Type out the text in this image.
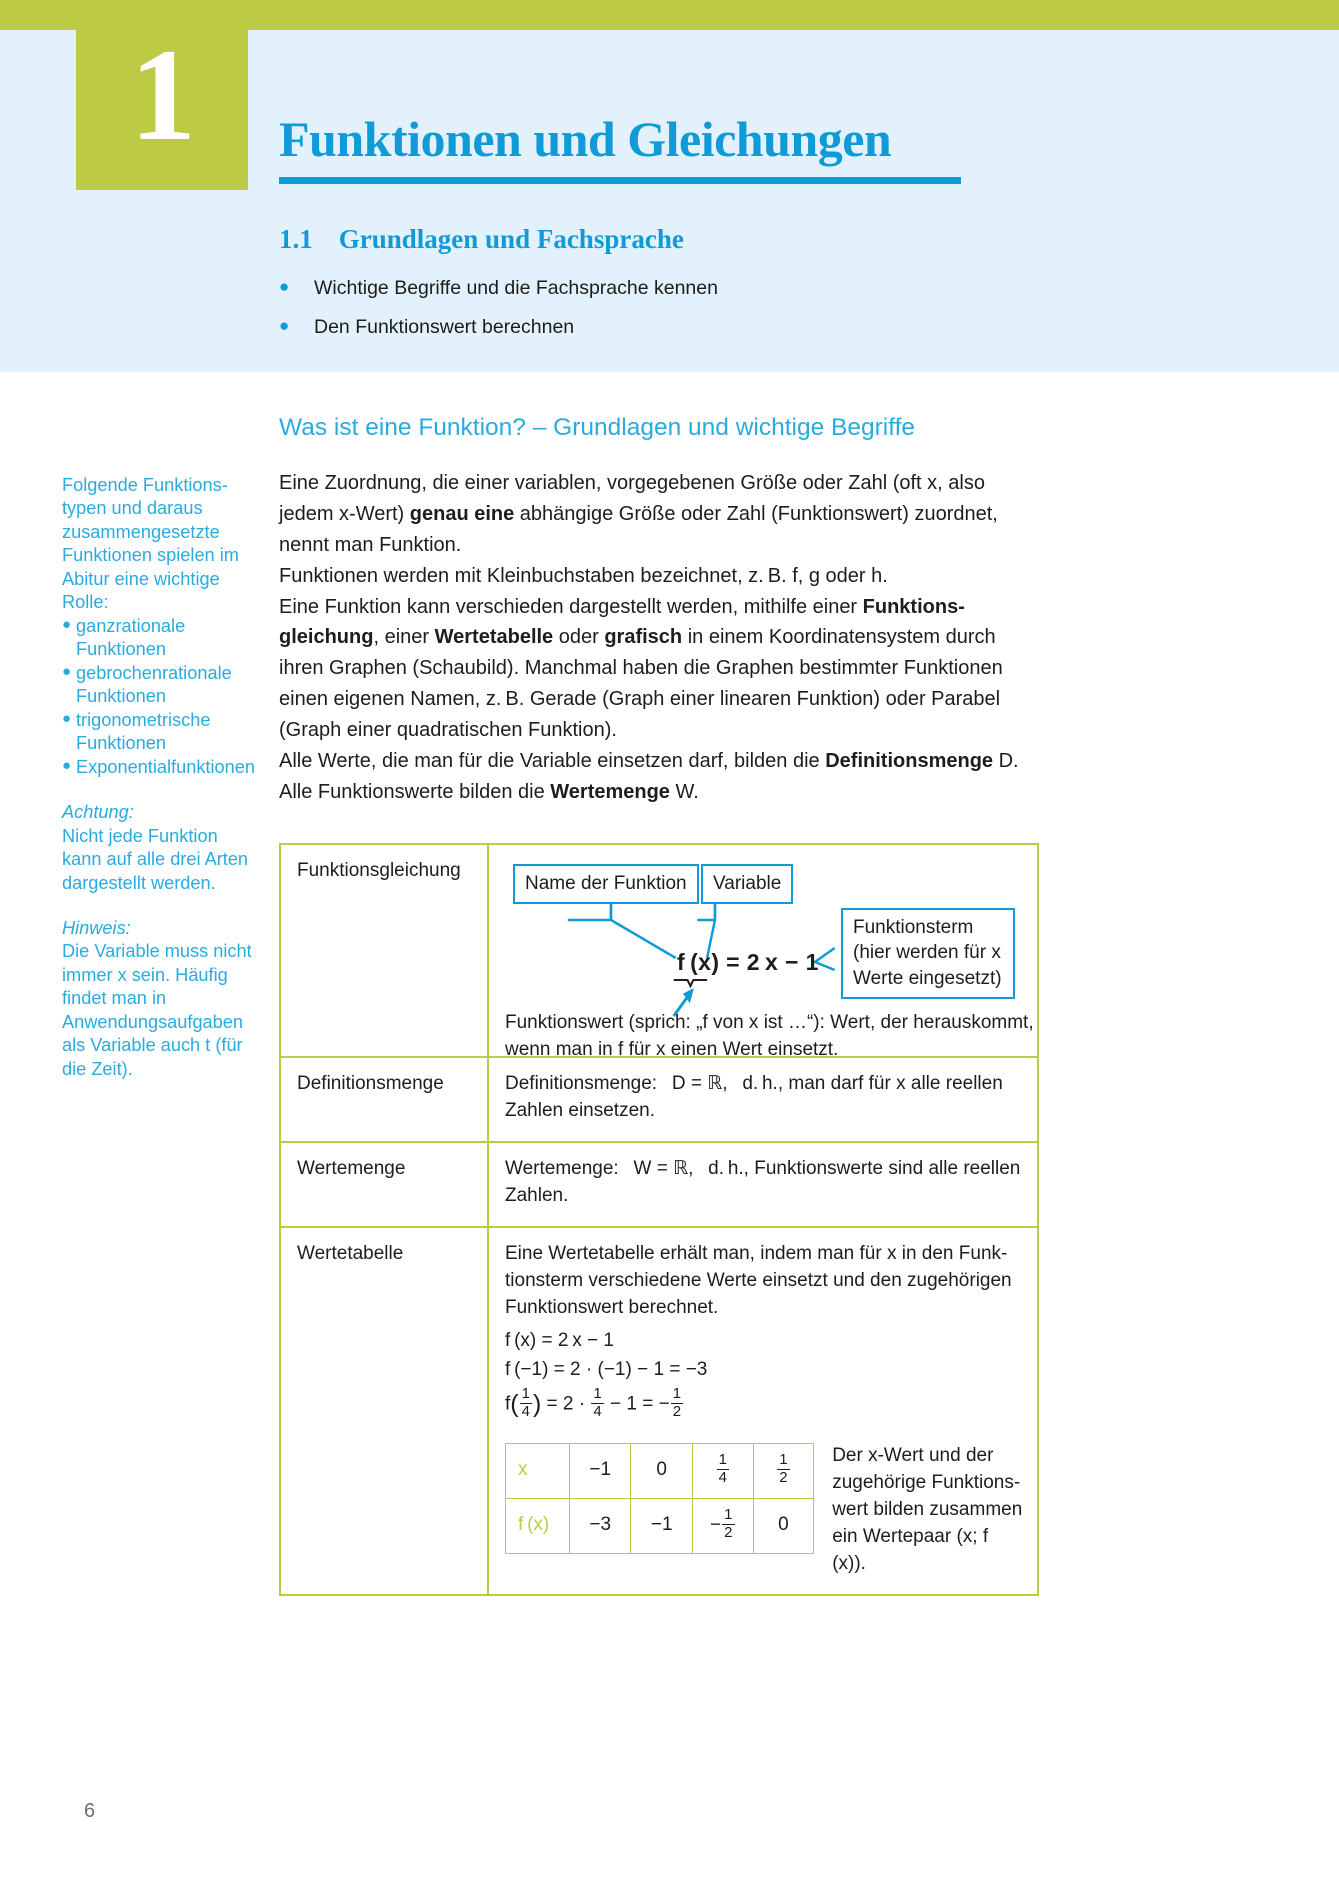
1 Funktionen und Gleichungen
1.1 Grundlagen und Fachsprache
●	Wichtige Begriffe und die Fachsprache kennen
●	Den Funktionswert berechnen

Folgende Funktionstypen und daraus zusammengesetzte Funktionen spielen im Abitur eine wichtige Rolle:

● ganzrationale Funktionen
● gebrochenrationale Funktionen
● trigonometrische Funktionen
● Exponentialfunktionen
Achtung:
Nicht jede Funktion kann auf alle drei Arten dargestellt werden.
Hinweis:
Die Variable muss nicht immer x sein. Häufig findet man in Anwendungsaufgaben als Variable auch t (für die Zeit).
Was ist eine Funktion? – Grundlagen und wichtige Begriffe
Eine Zuordnung, die einer variablen, vorgegebenen Größe oder Zahl (oft x, also jedem x-Wert) genau eine abhängige Größe oder Zahl (Funktionswert) zuordnet, nennt man Funktion.
Funktionen werden mit Kleinbuchstaben bezeichnet, z. B. f, g oder h.
Eine Funktion kann verschieden dargestellt werden, mithilfe einer Funktionsgleichung, einer Wertetabelle oder grafisch in einem Koordinatensystem durch ihren Graphen (Schaubild). Manchmal haben die Graphen bestimmter Funktionen einen eigenen Namen, z. B. Gerade (Graph einer linearen Funktion) oder Parabel (Graph einer quadratischen Funktion).
Alle Werte, die man für die Variable einsetzen darf, bilden die Definitionsmenge D. Alle Funktionswerte bilden die Wertemenge W.
Funktionsgleichung	
Name der Funktion	Variable
Funktionsterm
(hier werden für x
Werte eingesetzt)
f (x) = 2 x − 1
Funktionswert (sprich: „f von x ist …“): Wert, der herauskommt, wenn man in f für x einen Wert einsetzt.

Definitionsmenge	Definitionsmenge:  D = ℝ,  d. h., man darf für x alle reellen Zahlen einsetzen.
Wertemenge	Wertemenge:  W = ℝ,  d. h., Funktionswerte sind alle reellen Zahlen.
Wertetabelle	Eine Wertetabelle erhält man, indem man für x in den Funktionsterm verschiedene Werte einsetzt und den zugehörigen Funktionswert berechnet.
f (x) = 2 x − 1
f (−1) = 2 · (−1) − 1 = −3
$f( \frac{1}{4}$ ) = $2 \cdot \frac{1}{4} - 1$ = − $\frac{1}{2}$
x	−1	0	$\frac{1}{4}$	$\frac{1}{2}$

f (x)	−3	−1	− $\frac{1}{2}$	0
Der x-Wert und der zugehörige Funktionswert bilden zusammen ein Wertepaar (x; f (x)).
6
